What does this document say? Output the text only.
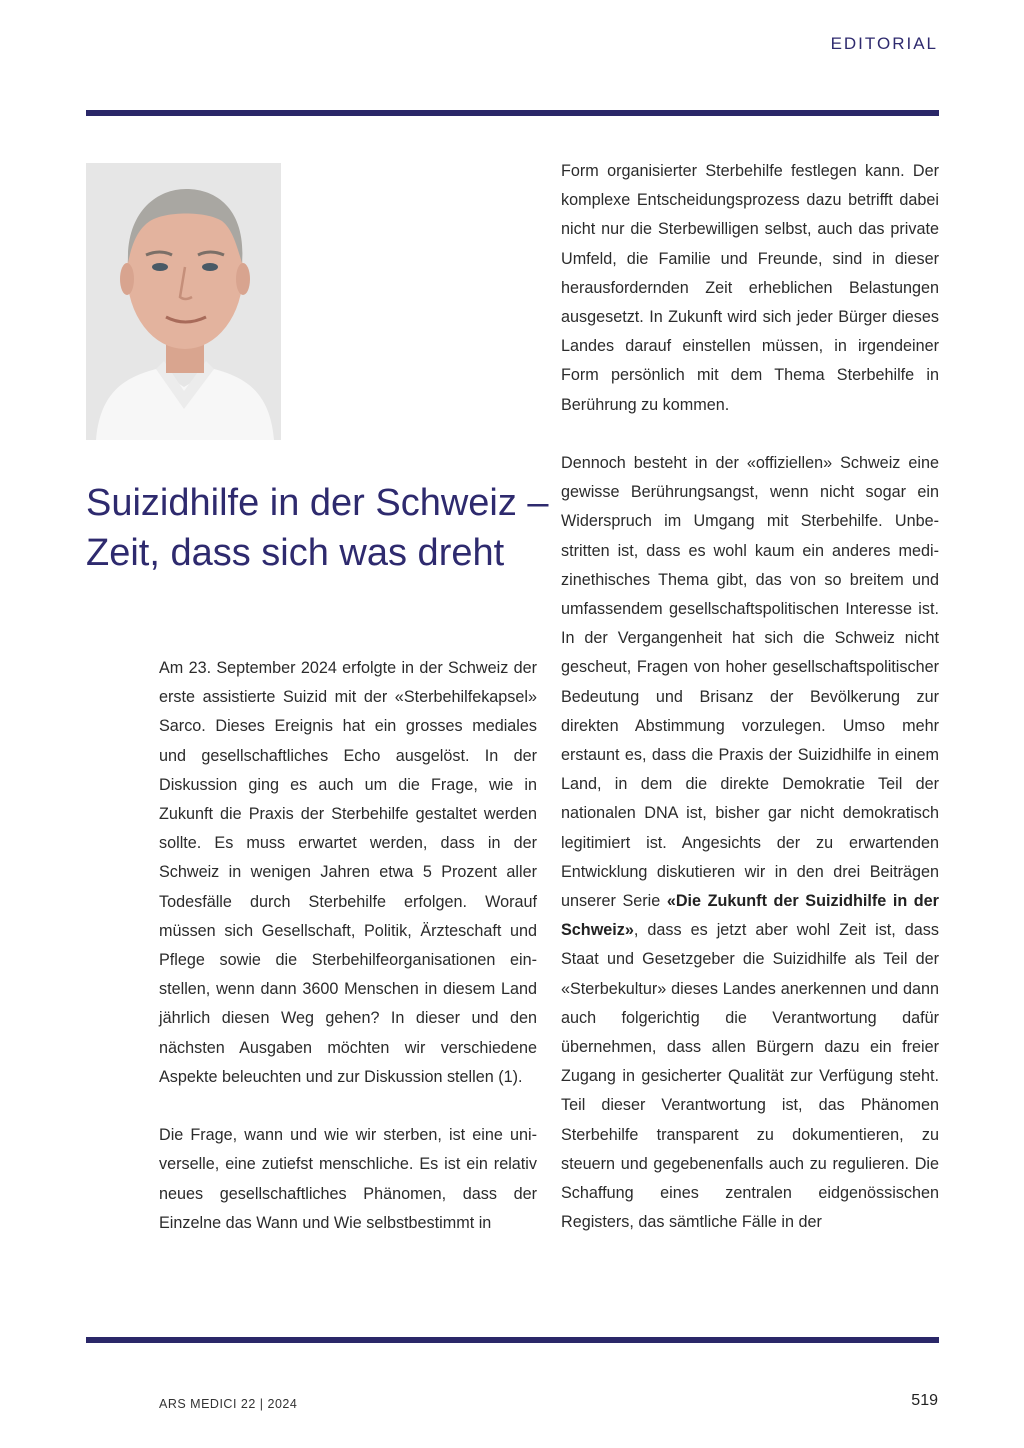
EDITORIAL
Suizidhilfe in der Schweiz –
Zeit, dass sich was dreht

Am 23. September 2024 erfolgte in der Schweiz der erste assistierte Suizid mit der «Sterbehilfekapsel» Sarco. Dieses Ereignis hat ein grosses mediales und gesellschaftliches Echo ausgelöst. In der Diskussion ging es auch um die Frage, wie in Zukunft die Praxis der Sterbehilfe gestaltet werden sollte. Es muss erwartet werden, dass in der Schweiz in wenigen Jahren etwa 5 Prozent aller Todesfälle durch Sterbehilfe erfolgen. Worauf müssen sich Gesellschaft, Politik, Ärzteschaft und Pflege sowie die Sterbehilfeorganisationen einstellen, wenn dann 3600 Menschen in diesem Land jährlich diesen Weg gehen? In dieser und den nächsten Ausgaben möchten wir verschiedene Aspekte beleuchten und zur Diskussion stellen (1).

Die Frage, wann und wie wir sterben, ist eine universelle, eine zutiefst menschliche. Es ist ein relativ neues gesellschaftliches Phänomen, dass der Einzelne das Wann und Wie selbstbestimmt in

Form organisierter Sterbehilfe festlegen kann. Der komplexe Entscheidungsprozess dazu betrifft dabei nicht nur die Sterbewilligen selbst, auch das private Umfeld, die Familie und Freunde, sind in dieser herausfordernden Zeit erheblichen Belastungen ausgesetzt. In Zukunft wird sich jeder Bürger dieses Landes darauf einstellen müssen, in irgendeiner Form persönlich mit dem Thema Sterbehilfe in Berührung zu kommen.

Dennoch besteht in der «offiziellen» Schweiz eine gewisse Berührungsangst, wenn nicht sogar ein Widerspruch im Umgang mit Sterbehilfe. Unbestritten ist, dass es wohl kaum ein anderes medizinethisches Thema gibt, das von so breitem und umfassendem gesellschaftspolitischen Interesse ist. In der Vergangenheit hat sich die Schweiz nicht gescheut, Fragen von hoher gesellschaftspolitischer Bedeutung und Brisanz der Bevölkerung zur direkten Abstimmung vorzulegen. Umso mehr erstaunt es, dass die Praxis der Suizidhilfe in einem Land, in dem die direkte Demokratie Teil der nationalen DNA ist, bisher gar nicht demokratisch legitimiert ist. Angesichts der zu erwartenden Entwicklung diskutieren wir in den drei Beiträgen unserer Serie «Die Zukunft der Suizidhilfe in der Schweiz», dass es jetzt aber wohl Zeit ist, dass Staat und Gesetzgeber die Suizidhilfe als Teil der «Sterbekultur» dieses Landes anerkennen und dann auch folgerichtig die Verantwortung dafür übernehmen, dass allen Bürgern dazu ein freier Zugang in gesicherter Qualität zur Verfügung steht. Teil dieser Verantwortung ist, das Phänomen Sterbehilfe transparent zu dokumentieren, zu steuern und gegebenenfalls auch zu regulieren. Die Schaffung eines zentralen eidgenössischen Registers, das sämtliche Fälle in der

ARS MEDICI 22 | 2024	519
